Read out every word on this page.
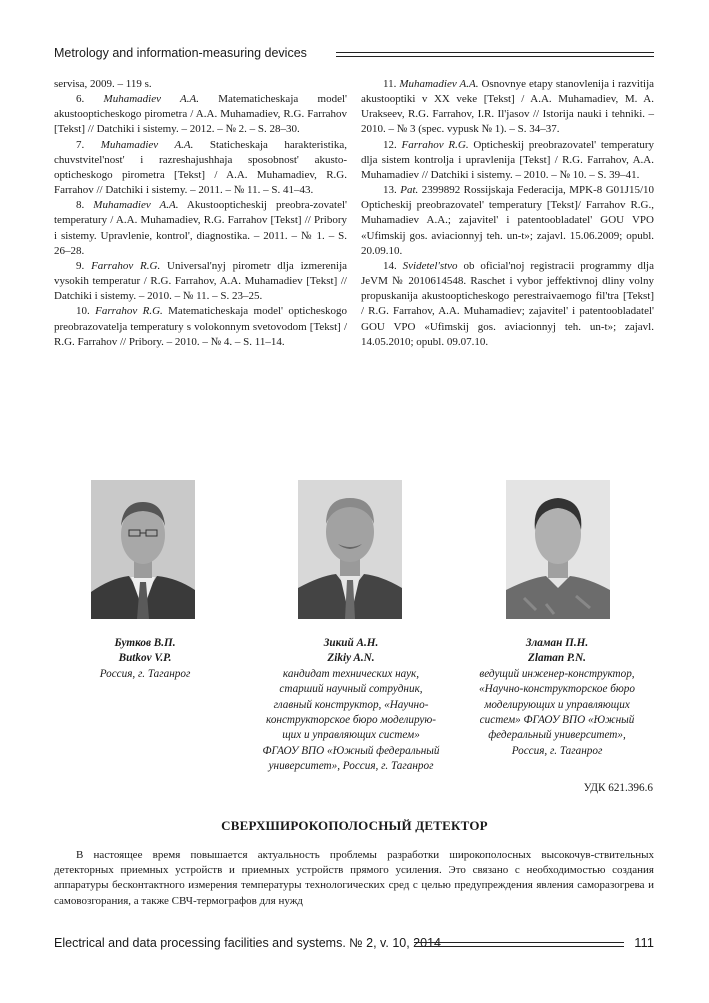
Metrology and information-measuring devices

servisa, 2009. – 119 s.

6. Muhamadiev A.A. Matematicheskaja model' akustoopticheskogo pirometra / A.A. Muhamadiev, R.G. Farrahov [Tekst] // Datchiki i sistemy. – 2012. – № 2. – S. 28–30.

7. Muhamadiev A.A. Staticheskaja harakteristika, chuvstvitel'nost' i razreshajushhaja sposobnost' akusto-opticheskogo pirometra [Tekst] / A.A. Muhamadiev, R.G. Farrahov // Datchiki i sistemy. – 2011. – № 11. – S. 41–43.

8. Muhamadiev A.A. Akustoopticheskij preobra-zovatel' temperatury / A.A. Muhamadiev, R.G. Farrahov [Tekst] // Pribory i sistemy. Upravlenie, kontrol', diagnostika. – 2011. – № 1. – S. 26–28.

9. Farrahov R.G. Universal'nyj pirometr dlja izmerenija vysokih temperatur / R.G. Farrahov, A.A. Muhamadiev [Tekst] // Datchiki i sistemy. – 2010. – № 11. – S. 23–25.

10. Farrahov R.G. Matematicheskaja model' opticheskogo preobrazovatelja temperatury s volokonnym svetovodom [Tekst] / R.G. Farrahov // Pribory. – 2010. – № 4. – S. 11–14.

11. Muhamadiev A.A. Osnovnye etapy stanovlenija i razvitija akustooptiki v XX veke [Tekst] / A.A. Muhamadiev, M. A. Urakseev, R.G. Farrahov, I.R. Il'jasov // Istorija nauki i tehniki. – 2010. – № 3 (spec. vypusk № 1). – S. 34–37.

12. Farrahov R.G. Opticheskij preobrazovatel' temperatury dlja sistem kontrolja i upravlenija [Tekst] / R.G. Farrahov, A.A. Muhamadiev // Datchiki i sistemy. – 2010. – № 10. – S. 39–41.

13. Pat. 2399892 Rossijskaja Federacija, MPK-8 G01J15/10 Opticheskij preobrazovatel' temperatury [Tekst]/ Farrahov R.G., Muhamadiev A.A.; zajavitel' i patentoobladatel' GOU VPO «Ufimskij gos. aviacionnyj teh. un-t»; zajavl. 15.06.2009; opubl. 20.09.10.

14. Svidetel'stvo ob oficial'noj registracii programmy dlja JeVM № 2010614548. Raschet i vybor jeffektivnoj dliny volny propuskanija akustoopticheskogo perestraivaemogo fil'tra [Tekst] / R.G. Farrahov, A.A. Muhamadiev; zajavitel' i patentoobladatel' GOU VPO «Ufimskij gos. aviacionnyj teh. un-t»; zajavl. 14.05.2010; opubl. 09.07.10.

Бутков В.П.
Butkov V.P.
Россия, г. Таганрог
Зикий А.Н.
Zikiy A.N.
кандидат технических наук,
старший научный сотрудник,
главный конструктор, «Научно-
конструкторское бюро моделирую-
щих и управляющих систем»
ФГАОУ ВПО «Южный федеральный
университет», Россия, г. Таганрог
Зламан П.Н.
Zlaman P.N.
ведущий инженер-конструктор,
«Научно-конструкторское бюро
моделирующих и управляющих
систем» ФГАОУ ВПО «Южный
федеральный университет»,
Россия, г. Таганрог
УДК 621.396.6
СВЕРХШИРОКОПОЛОСНЫЙ ДЕТЕКТОР

В настоящее время повышается актуальность проблемы разработки широкополосных высокочув-ствительных детекторных приемных устройств и приемных устройств прямого усиления. Это связано с необходимостью создания аппаратуры бесконтактного измерения температуры технологических сред с целью предупреждения явления саморазогрева и самовозгорания, а также СВЧ-термографов для нужд

Electrical and data processing facilities and systems. № 2, v. 10, 2014	111
